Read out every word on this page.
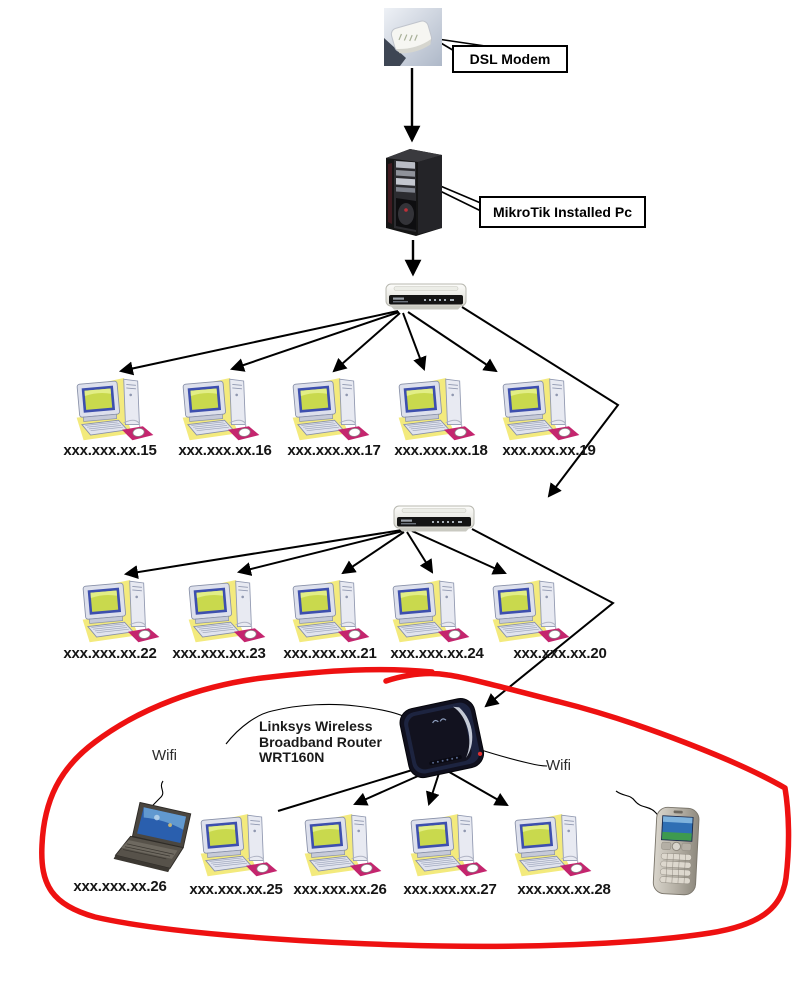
DSL Modem
MikroTik Installed Pc
Linksys Wireless
Broadband Router
WRT160N
Wifi
Wifi
xxx.xxx.xx.15	xxx.xxx.xx.16	xxx.xxx.xx.17 xxx.xxx.xx.18 xxx.xxx.xx.19
xxx.xxx.xx.22	xxx.xxx.xx.23	xxx.xxx.xx.21 xxx.xxx.xx.24	xxx.xxx.xx.20
xxx.xxx.xx.26	xxx.xxx.xx.25 xxx.xxx.xx.26	xxx.xxx.xx.27	xxx.xxx.xx.28
